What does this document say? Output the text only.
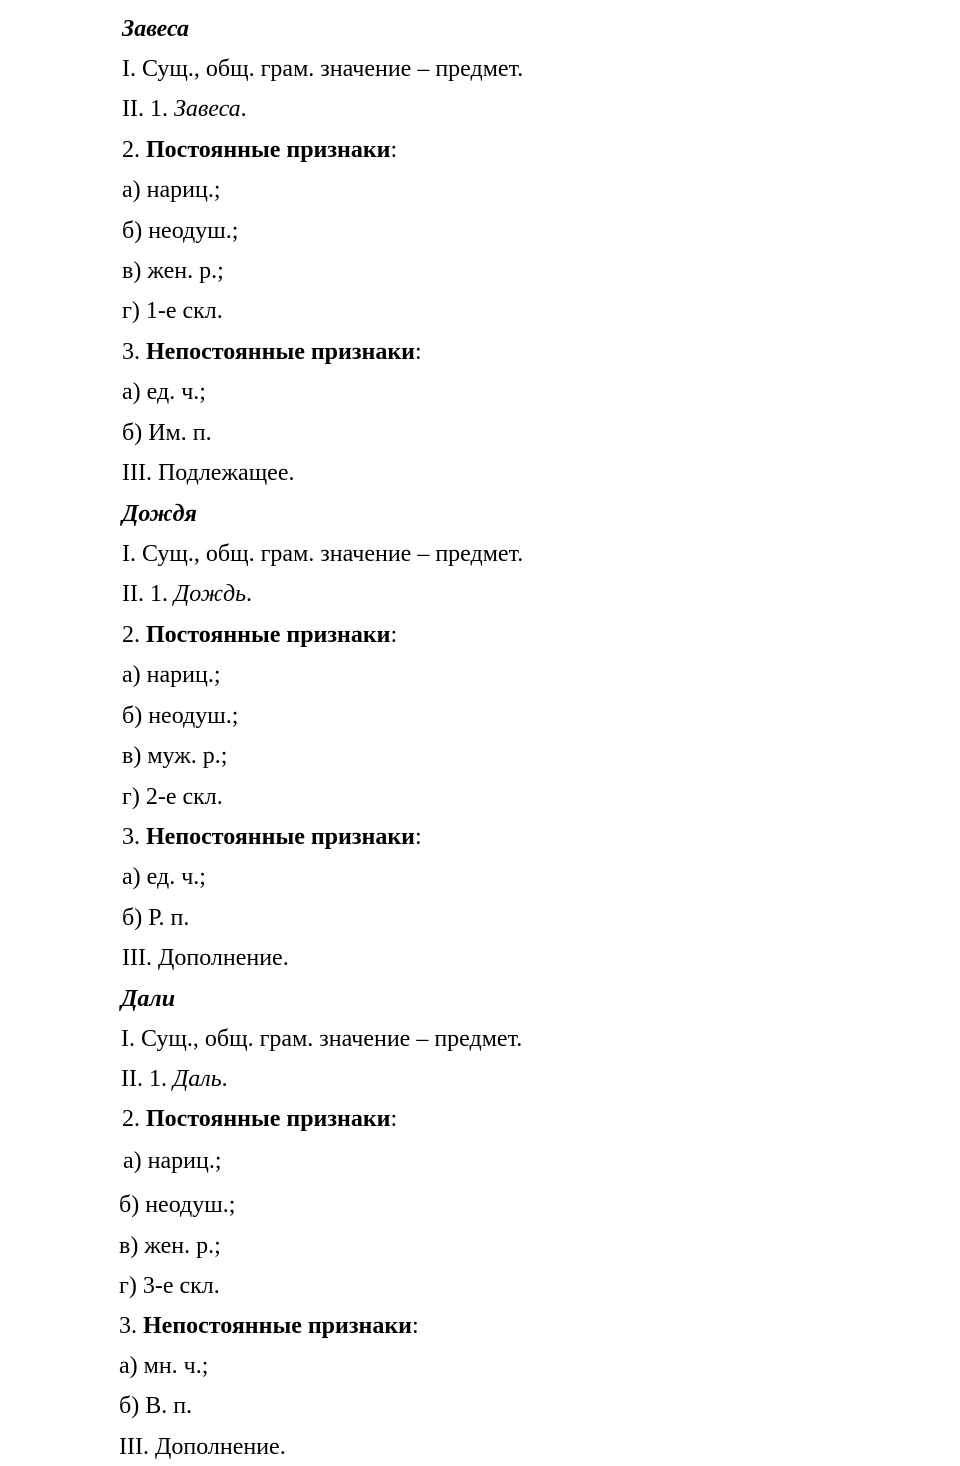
Завеса
I. Сущ., общ. грам. значение – предмет.
II. 1. Завеса.
2. Постоянные признаки:
а) нариц.;
б) неодуш.;
в) жен. р.;
г) 1-е скл.
3. Непостоянные признаки:
а) ед. ч.;
б) Им. п.
III. Подлежащее.
Дождя
I. Сущ., общ. грам. значение – предмет.
II. 1. Дождь.
2. Постоянные признаки:
а) нариц.;
б) неодуш.;
в) муж. р.;
г) 2-е скл.
3. Непостоянные признаки:
а) ед. ч.;
б) Р. п.
III. Дополнение.
Дали
I. Сущ., общ. грам. значение – предмет.
II. 1. Даль.
2. Постоянные признаки:
а) нариц.;
б) неодуш.;
в) жен. р.;
г) 3-е скл.
3. Непостоянные признаки:
а) мн. ч.;
б) В. п.
III. Дополнение.
